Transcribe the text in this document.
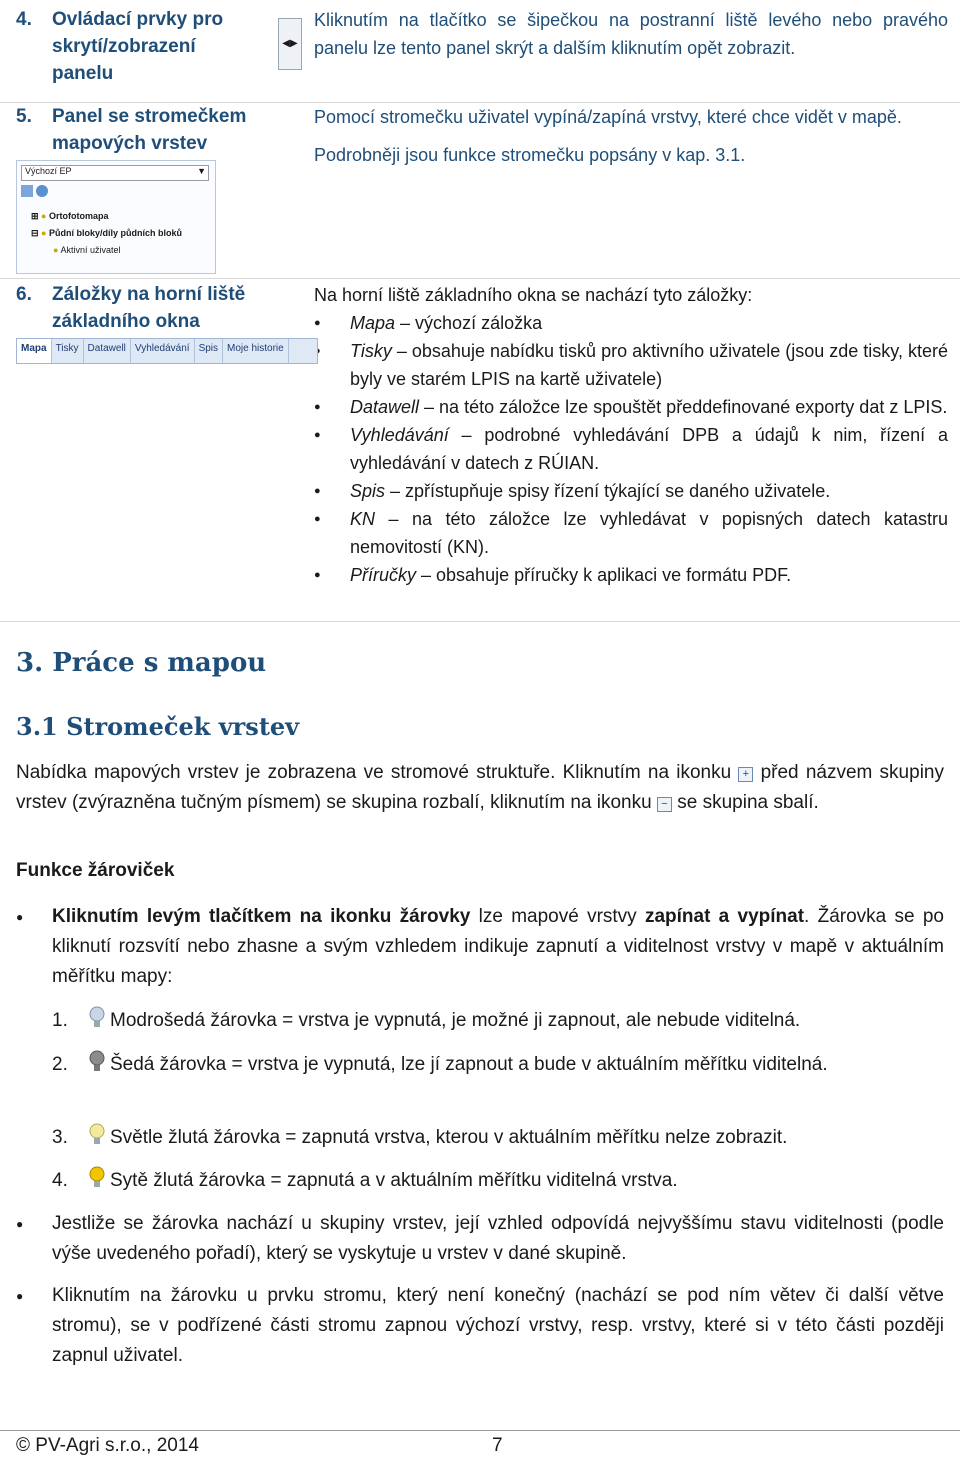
4. Ovládací prvky pro skrytí/zobrazení panelu
◀▶
Kliknutím na tlačítko se šipečkou na postranní liště levého nebo pravého panelu lze tento panel skrýt a dalším kliknutím opět zobrazit.
5. Panel se stromečkem mapových vrstev
Pomocí stromečku uživatel vypíná/zapíná vrstvy, které chce vidět v mapě.
Podrobněji jsou funkce stromečku popsány v kap. 3.1.
Výchozí EP	▼

⊞ ● Ortofotomapa
⊟ ● Půdní bloky/díly půdních bloků
● Aktivní uživatel
6. Záložky na horní liště základního okna
Na horní liště základního okna se nachází tyto záložky:
● Mapa – výchozí záložka
● Tisky – obsahuje nabídku tisků pro aktivního uživatele (jsou zde tisky, které byly ve starém LPIS na kartě uživatele)
● Datawell – na této záložce lze spouštět předdefinované exporty dat z LPIS.
● Vyhledávání – podrobné vyhledávání DPB a údajů k nim, řízení a vyhledávání v datech z RÚIAN.
● Spis – zpřístupňuje spisy řízení týkající se daného uživatele.
● KN – na této záložce lze vyhledávat v popisných datech katastru nemovitostí (KN).
● Příručky – obsahuje příručky k aplikaci ve formátu PDF.
Mapa Tisky Datawell Vyhledávání Spis Moje historie
3. Práce s mapou
3.1 Stromeček vrstev
Nabídka mapových vrstev je zobrazena ve stromové struktuře. Kliknutím na ikonku + před názvem skupiny vrstev (zvýrazněna tučným písmem) se skupina rozbalí, kliknutím na ikonku − se skupina sbalí.
Funkce žároviček
● Kliknutím levým tlačítkem na ikonku žárovky lze mapové vrstvy zapínat a vypínat. Žárovka se po kliknutí rozsvítí nebo zhasne a svým vzhledem indikuje zapnutí a viditelnost vrstvy v mapě v aktuálním měřítku mapy:
1.	Modrošedá žárovka = vrstva je vypnutá, je možné ji zapnout, ale nebude viditelná.
2.	Šedá žárovka = vrstva je vypnutá, lze jí zapnout a bude v aktuálním měřítku viditelná.
3.	Světle žlutá žárovka = zapnutá vrstva, kterou v aktuálním měřítku nelze zobrazit.
4.	Sytě žlutá žárovka = zapnutá a v aktuálním měřítku viditelná vrstva.
● Jestliže se žárovka nachází u skupiny vrstev, její vzhled odpovídá nejvyššímu stavu viditelnosti (podle výše uvedeného pořadí), který se vyskytuje u vrstev v dané skupině.
● Kliknutím na žárovku u prvku stromu, který není konečný (nachází se pod ním větev či další větve stromu), se v podřízené části stromu zapnou výchozí vrstvy, resp. vrstvy, které si v této části později zapnul uživatel.
© PV-Agri s.r.o., 2014	7
